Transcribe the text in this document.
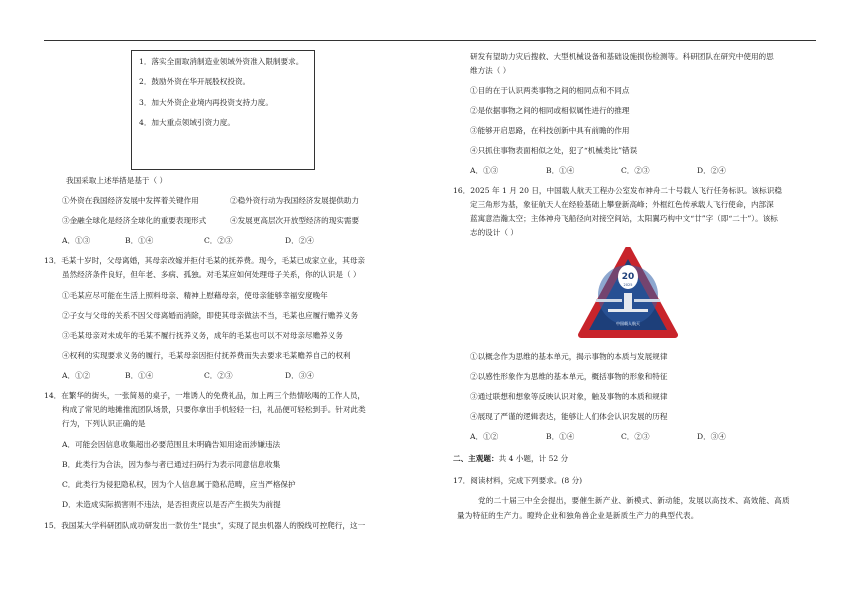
1．落实全面取消制造业领域外资准入限制要求。

2．鼓励外资在华开展股权投资。

3．加大外资企业境内再投资支持力度。

4．加大重点领域引资力度。

我国采取上述举措是基于（ ）
①外资在我国经济发展中发挥着关键作用	②稳外资行动为我国经济发展提供助力
③金融全球化是经济全球化的重要表现形式	④发展更高层次开放型经济的现实需要
A．①③	B．①④	C．②③	D．②④
13．毛某十岁时，父母离婚，其母亲改嫁并拒付毛某的抚养费。现今，毛某已成家立业，其母亲
虽然经济条件良好，但年老、多病、孤独。对毛某应如何处理母子关系，你的认识是（ ）
①毛某应尽可能在生活上照料母亲、精神上慰藉母亲，使母亲能够幸福安度晚年
②子女与父母的关系不因父母离婚而消除，即使其母亲做法不当，毛某也应履行赡养义务
③毛某母亲对未成年的毛某不履行抚养义务，成年的毛某也可以不对母亲尽赡养义务
④权利的实现要求义务的履行，毛某母亲因拒付抚养费而失去要求毛某赡养自己的权利
A．①②	B．①④	C．②③	D．③④
14．在繁华的街头，一张简易的桌子，一堆诱人的免费礼品，加上两三个热情吆喝的工作人员，
构成了常见的地摊推流团队场景，只要你拿出手机轻轻一扫，礼品便可轻松到手。针对此类
行为，下列认识正确的是
A．可能会因信息收集超出必要范围且未明确告知用途而涉嫌违法
B．此类行为合法，因为参与者已通过扫码行为表示同意信息收集
C．此类行为侵犯隐私权，因为个人信息属于隐私范畴，应当严格保护
D．未造成实际损害则不违法，是否担责应以是否产生损失为前提
15．我国某大学科研团队成功研发出一款仿生“昆虫”，实现了昆虫机器人的脱线可控爬行，这一
研发有望助力灾后搜救、大型机械设备和基础设施损伤检测等。科研团队在研究中使用的思
维方法（ ）
①目的在于认识两类事物之间的相同点和不同点
②是依据事物之间的相同或相似属性进行的推理
③能够开启思路，在科技创新中具有前瞻的作用
④只抓住事物表面相似之处，犯了“机械类比”错误
A．①③	B．①④	C．②③	D．②④
16．2025 年 1 月 20 日，中国载人航天工程办公室发布神舟二十号载人飞行任务标识。该标识稳
定三角形为基，象征航天人在经验基础上攀登新高峰；外框红色传承载人飞行使命，内部深
蓝寓意浩瀚太空；主体神舟飞船径向对接空间站，太阳翼巧构中文“廿”字（即“二十”）。该标
志的设计（ ）
20
2025
中国载人航天
①以概念作为思维的基本单元，揭示事物的本质与发展规律
②以感性形象作为思维的基本单元，概括事物的形象和特征
③通过联想和想象等反映认识对象，触及事物的本质和规律
④展现了严谨的逻辑表达，能够让人们体会认识发展的历程
A．①②	B．①④	C．②③	D．③④
二、主观题：共 4 小题，计 52 分
17．阅读材料，完成下列要求。(8 分)
党的二十届三中全会提出，要催生新产业、新模式、新动能，发展以高技术、高效能、高质
量为特征的生产力。瞪羚企业和独角兽企业是新质生产力的典型代表。
